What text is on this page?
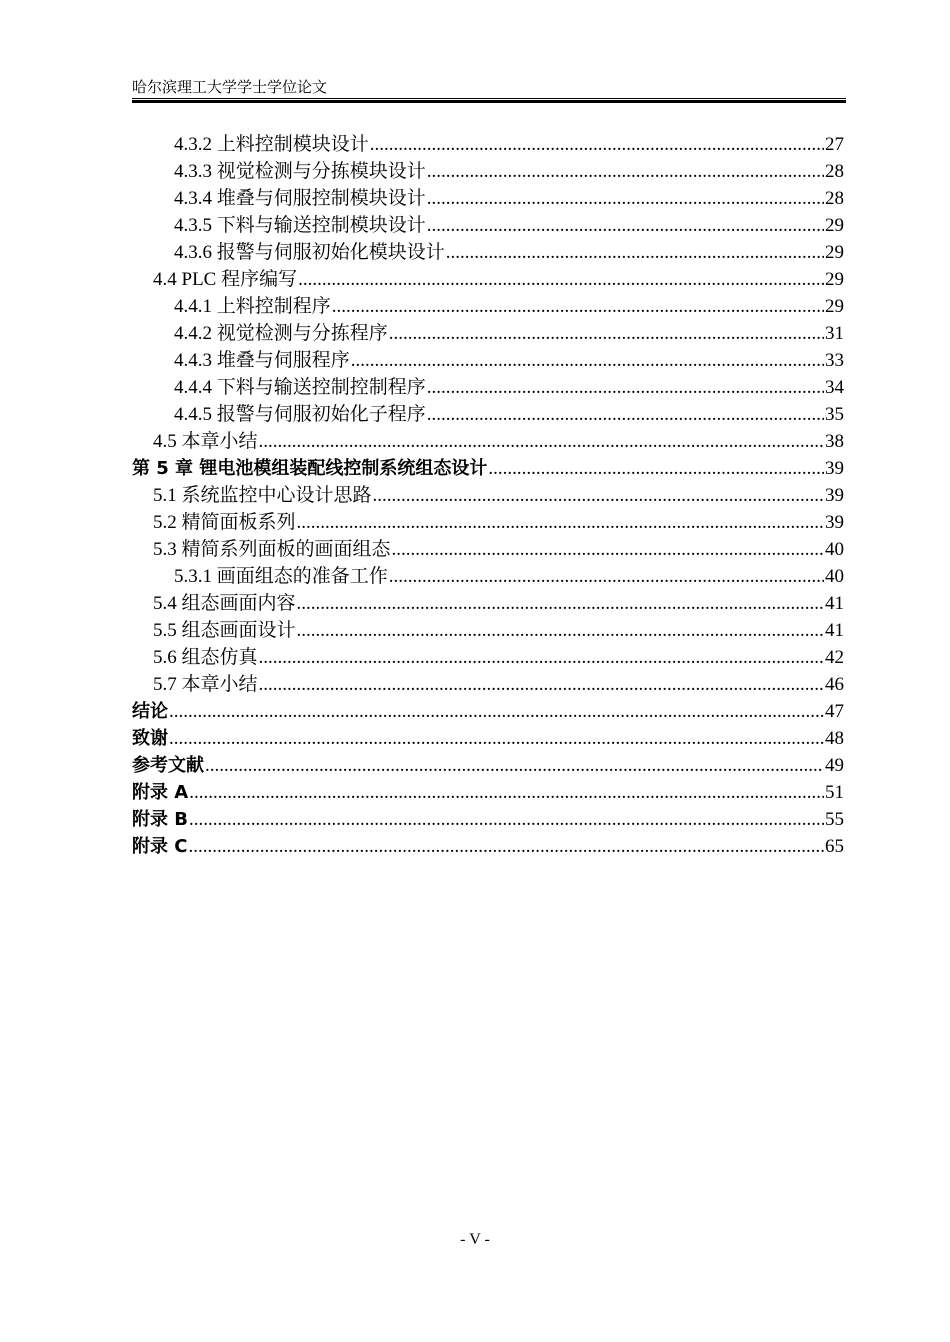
哈尔滨理工大学学士学位论文
4.3.2 上料控制模块设计 .....	27
4.3.3 视觉检测与分拣模块设计 .....	28
4.3.4 堆叠与伺服控制模块设计 .....	28
4.3.5 下料与输送控制模块设计 .....	29
4.3.6 报警与伺服初始化模块设计 .....	29
4.4 PLC 程序编写 .....	29
4.4.1 上料控制程序 .....	29
4.4.2 视觉检测与分拣程序 .....	31
4.4.3 堆叠与伺服程序 .....	33
4.4.4 下料与输送控制控制程序 .....	34
4.4.5 报警与伺服初始化子程序 .....	35
4.5 本章小结 .....	38
第 5 章 锂电池模组装配线控制系统组态设计 .....	39
5.1 系统监控中心设计思路 .....	39
5.2 精简面板系列 .....	39
5.3 精简系列面板的画面组态 .....	40
5.3.1 画面组态的准备工作 .....	40
5.4 组态画面内容 .....	41
5.5 组态画面设计 .....	41
5.6 组态仿真 .....	42
5.7 本章小结 .....	46
结论 .....	47
致谢 .....	48
参考文献 .....	49
附录 A .....	51
附录 B .....	55
附录 C .....	65
- V -
